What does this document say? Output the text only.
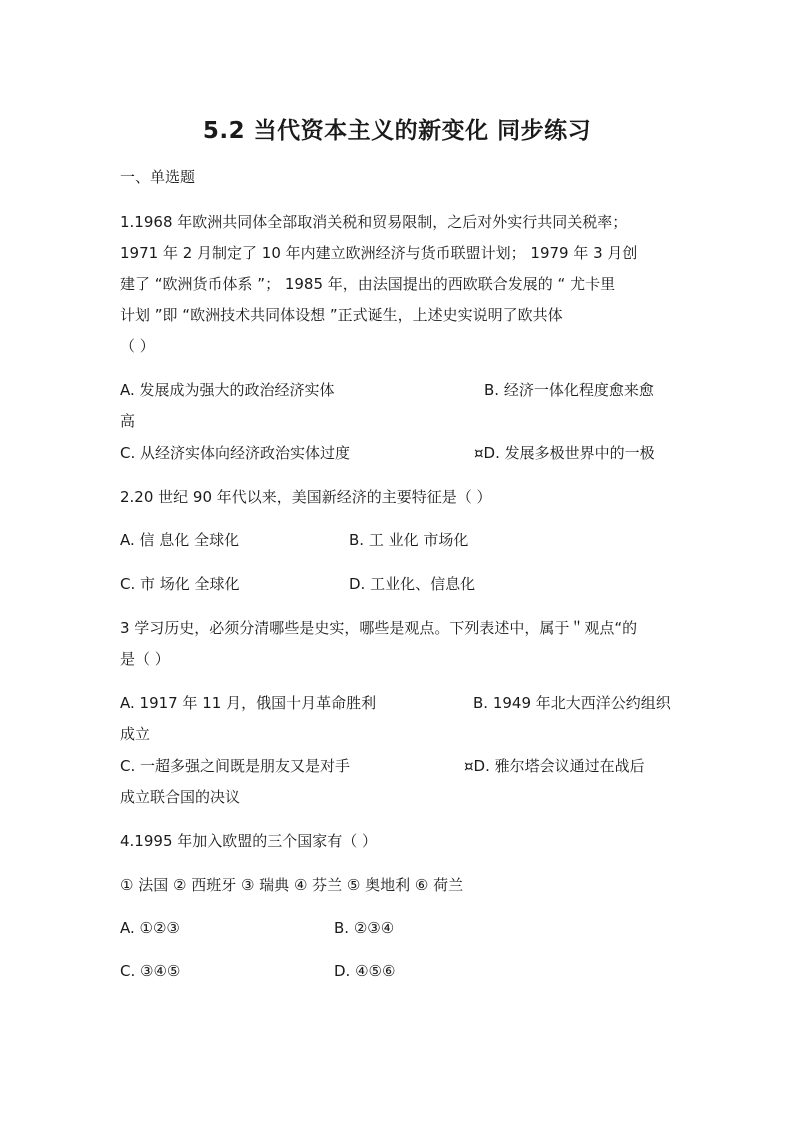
5.2 当代资本主义的新变化 同步练习
一、单选题
1.1968 年欧洲共同体全部取消关税和贸易限制，之后对外实行共同关税率；
1971 年 2 月制定了 10 年内建立欧洲经济与货币联盟计划； 1979 年 3 月创
建了 “欧洲货币体系 ”； 1985 年，由法国提出的西欧联合发展的 “ 尤卡里
计划 ”即 “欧洲技术共同体设想 ”正式诞生，上述史实说明了欧共体
（ ）
A. 发展成为强大的政治经济实体	B. 经济一体化程度愈来愈
高
C. 从经济实体向经济政治实体过度	¤D. 发展多极世界中的一极
2.20 世纪 90 年代以来，美国新经济的主要特征是（ ）
A. 信 息化 全球化	B. 工 业化 市场化
C. 市 场化 全球化	D. 工业化、信息化
3 学习历史，必须分清哪些是史实，哪些是观点。下列表述中，属于＂观点“的
是（ ）
A. 1917 年 11 月，俄国十月革命胜利	B. 1949 年北大西洋公约组织
成立
C. 一超多强之间既是朋友又是对手	¤D. 雅尔塔会议通过在战后
成立联合国的决议
4.1995 年加入欧盟的三个国家有（ ）
① 法国 ② 西班牙 ③ 瑞典 ④ 芬兰 ⑤ 奥地利 ⑥ 荷兰
A. ①②③	B. ②③④
C. ③④⑤	D. ④⑤⑥
